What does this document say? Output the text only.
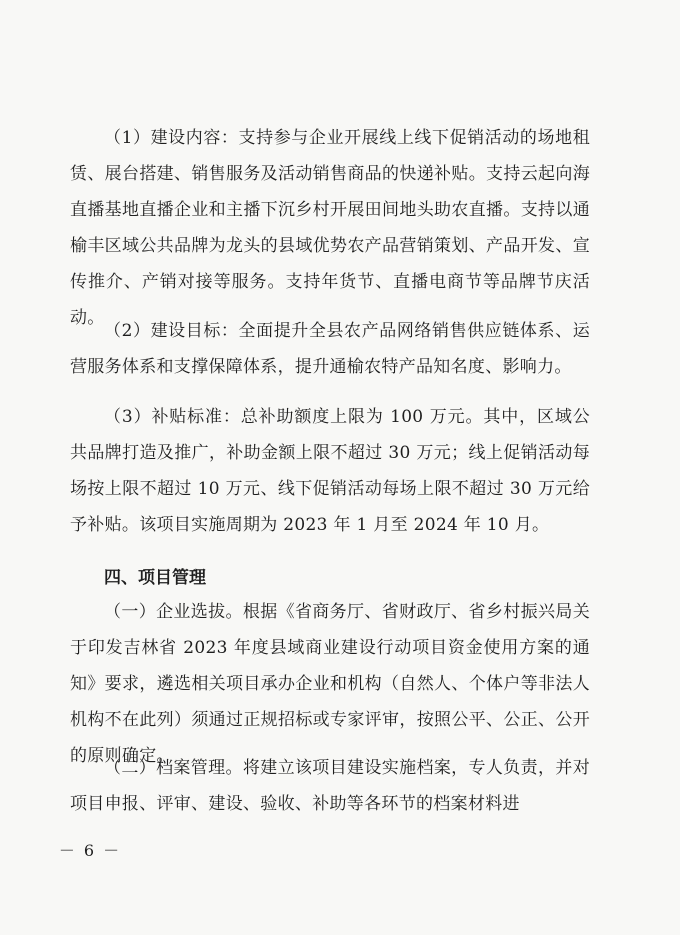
（1）建设内容：支持参与企业开展线上线下促销活动的场地租赁、展台搭建、销售服务及活动销售商品的快递补贴。支持云起向海直播基地直播企业和主播下沉乡村开展田间地头助农直播。支持以通榆丰区域公共品牌为龙头的县域优势农产品营销策划、产品开发、宣传推介、产销对接等服务。支持年货节、直播电商节等品牌节庆活动。

（2）建设目标：全面提升全县农产品网络销售供应链体系、运营服务体系和支撑保障体系，提升通榆农特产品知名度、影响力。

（3）补贴标准：总补助额度上限为 100 万元。其中，区域公共品牌打造及推广，补助金额上限不超过 30 万元；线上促销活动每场按上限不超过 10 万元、线下促销活动每场上限不超过 30 万元给予补贴。该项目实施周期为 2023 年 1 月至 2024 年 10 月。

四、项目管理

（一）企业选拔。根据《省商务厅、省财政厅、省乡村振兴局关于印发吉林省 2023 年度县域商业建设行动项目资金使用方案的通知》要求，遴选相关项目承办企业和机构（自然人、个体户等非法人机构不在此列）须通过正规招标或专家评审，按照公平、公正、公开的原则确定。

（二）档案管理。将建立该项目建设实施档案，专人负责，并对项目申报、评审、建设、验收、补助等各环节的档案材料进

－ 6 －
